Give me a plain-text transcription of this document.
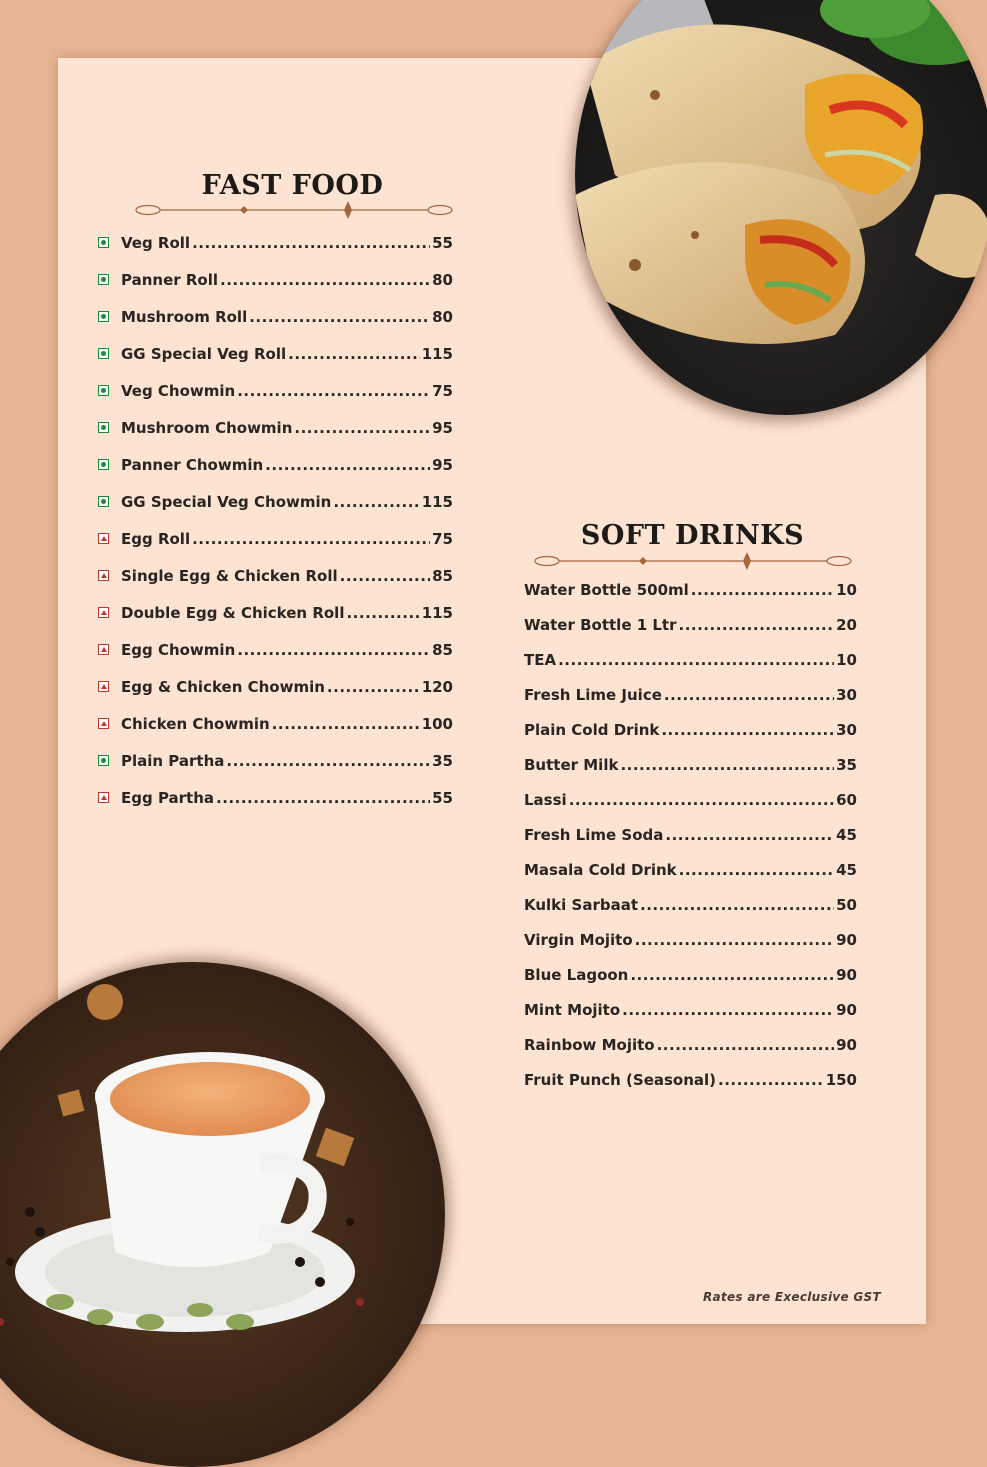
FAST FOOD
Veg Roll .....	55
Panner Roll .....	80
Mushroom Roll .....	80
GG Special Veg Roll .....	115
Veg Chowmin .....	75
Mushroom Chowmin .....	95
Panner Chowmin .....	95
GG Special Veg Chowmin .....	115
Egg Roll .....	75
Single Egg & Chicken Roll .....	85
Double Egg & Chicken Roll .....	115
Egg Chowmin .....	85
Egg & Chicken Chowmin .....	120
Chicken Chowmin .....	100
Plain Partha .....	35
Egg Partha .....	55
SOFT DRINKS
Water Bottle 500ml .....	10
Water Bottle 1 Ltr .....	20
TEA .....	10
Fresh Lime Juice .....	30
Plain Cold Drink .....	30
Butter Milk .....	35
Lassi .....	60
Fresh Lime Soda .....	45
Masala Cold Drink .....	45
Kulki Sarbaat .....	50
Virgin Mojito .....	90
Blue Lagoon .....	90
Mint Mojito .....	90
Rainbow Mojito .....	90
Fruit Punch (Seasonal) .....	150
Rates are Execlusive GST
